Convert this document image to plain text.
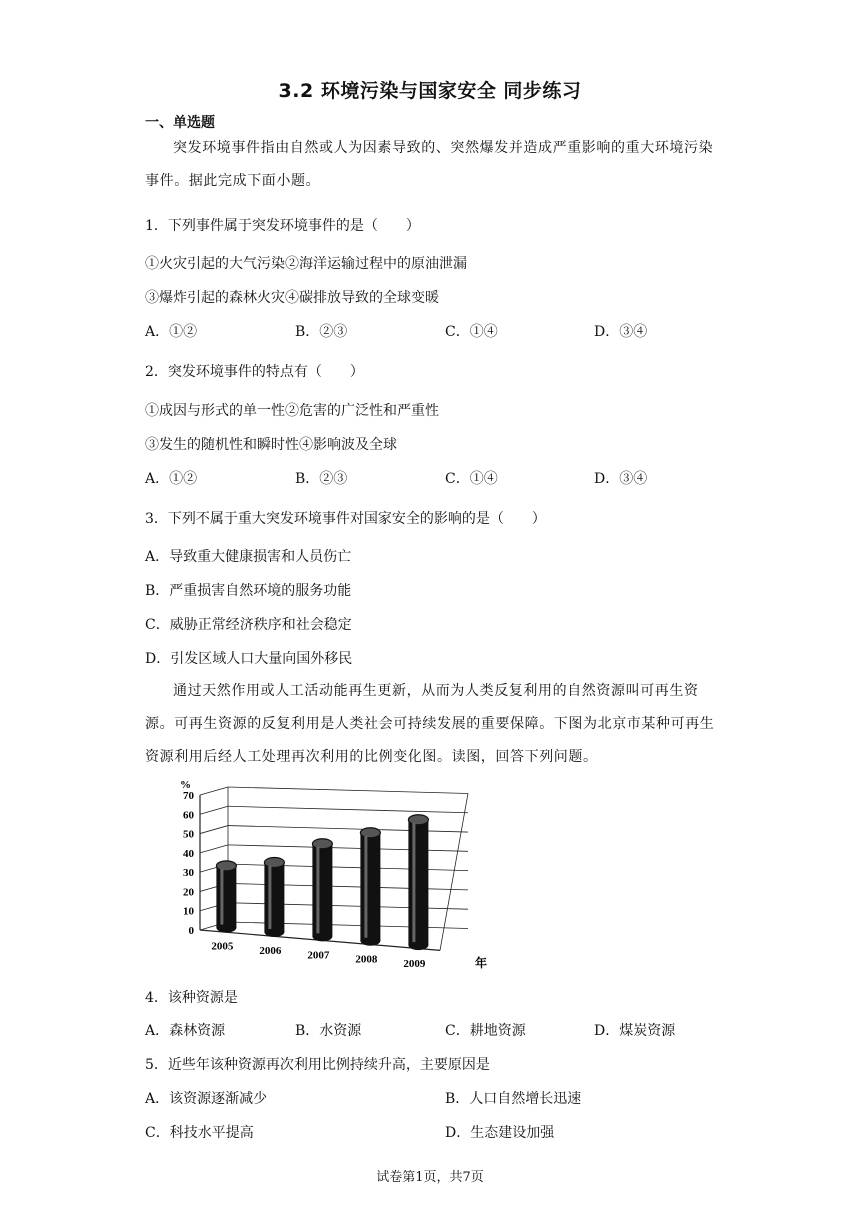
3.2 环境污染与国家安全 同步练习
一、单选题
突发环境事件指由自然或人为因素导致的、突然爆发并造成严重影响的重大环境污染事件。据此完成下面小题。
1．下列事件属于突发环境事件的是（　　）
①火灾引起的大气污染②海洋运输过程中的原油泄漏
③爆炸引起的森林火灾④碳排放导致的全球变暖
A．①②	B．②③	C．①④	D．③④
2．突发环境事件的特点有（　　）
①成因与形式的单一性②危害的广泛性和严重性
③发生的随机性和瞬时性④影响波及全球
A．①②	B．②③	C．①④	D．③④
3．下列不属于重大突发环境事件对国家安全的影响的是（　　）
A．导致重大健康损害和人员伤亡
B．严重损害自然环境的服务功能
C．威胁正常经济秩序和社会稳定
D．引发区域人口大量向国外移民
通过天然作用或人工活动能再生更新，从而为人类反复利用的自然资源叫可再生资源。可再生资源的反复利用是人类社会可持续发展的重要保障。下图为北京市某种可再生资源利用后经人工处理再次利用的比例变化图。读图，回答下列问题。
0
10
20
30
40
50
60
70
2005 2006 2007 2008 2009
%
年
4．该种资源是
A．森林资源	B．水资源	C．耕地资源	D．煤炭资源
5．近些年该种资源再次利用比例持续升高，主要原因是
A．该资源逐渐减少	B．人口自然增长迅速
C．科技水平提高	D．生态建设加强
试卷第1页，共7页
